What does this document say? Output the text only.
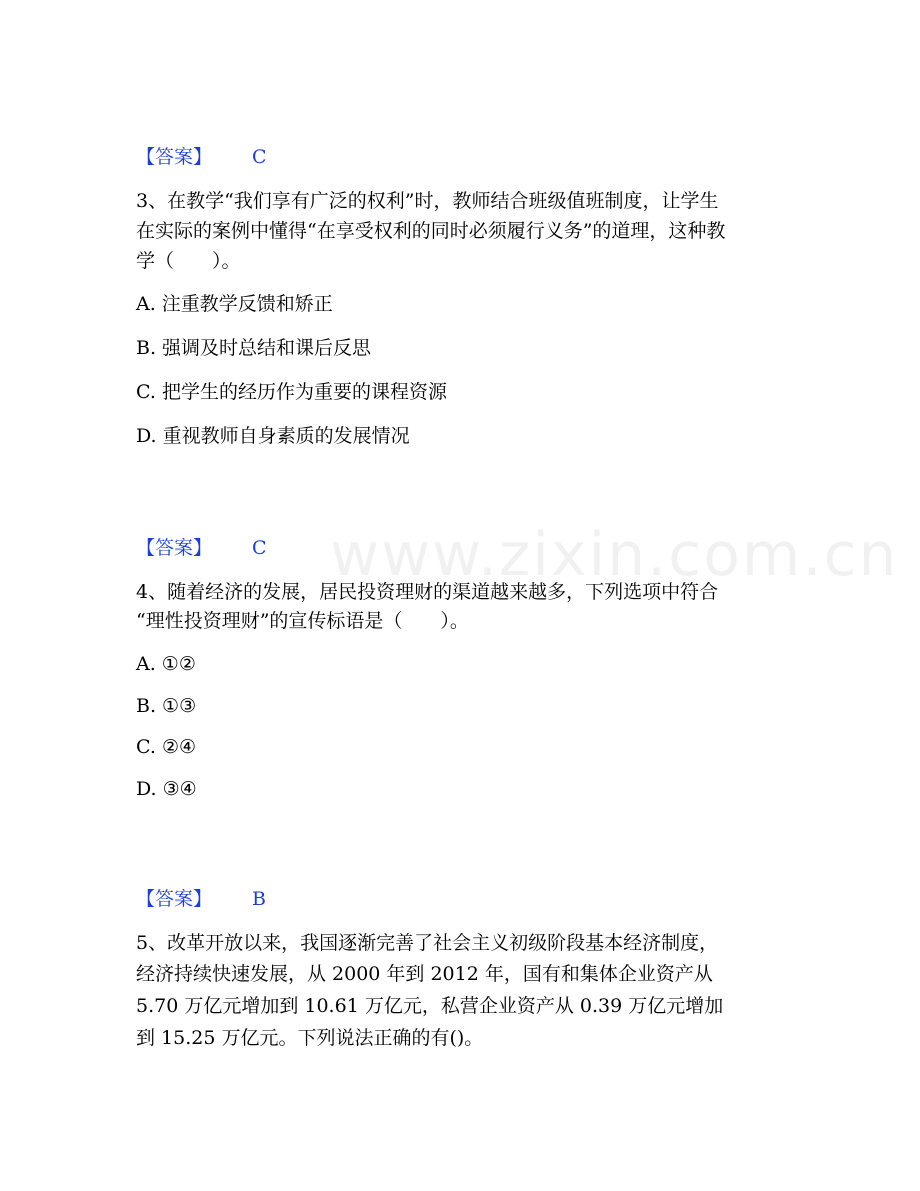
www.zixin.com.cn
【答案】 C
3、在教学“我们享有广泛的权利”时，教师结合班级值班制度，让学生
在实际的案例中懂得“在享受权利的同时必须履行义务”的道理，这种教
学（　　）。
A. 注重教学反馈和矫正
B. 强调及时总结和课后反思
C. 把学生的经历作为重要的课程资源
D. 重视教师自身素质的发展情况
【答案】 C
4、随着经济的发展，居民投资理财的渠道越来越多，下列选项中符合
“理性投资理财”的宣传标语是（　　）。
A. ①②
B. ①③
C. ②④
D. ③④
【答案】 B
5、改革开放以来，我国逐渐完善了社会主义初级阶段基本经济制度，
经济持续快速发展，从 2000 年到 2012 年，国有和集体企业资产从
5.70 万亿元增加到 10.61 万亿元，私营企业资产从 0.39 万亿元增加
到 15.25 万亿元。下列说法正确的有()。
